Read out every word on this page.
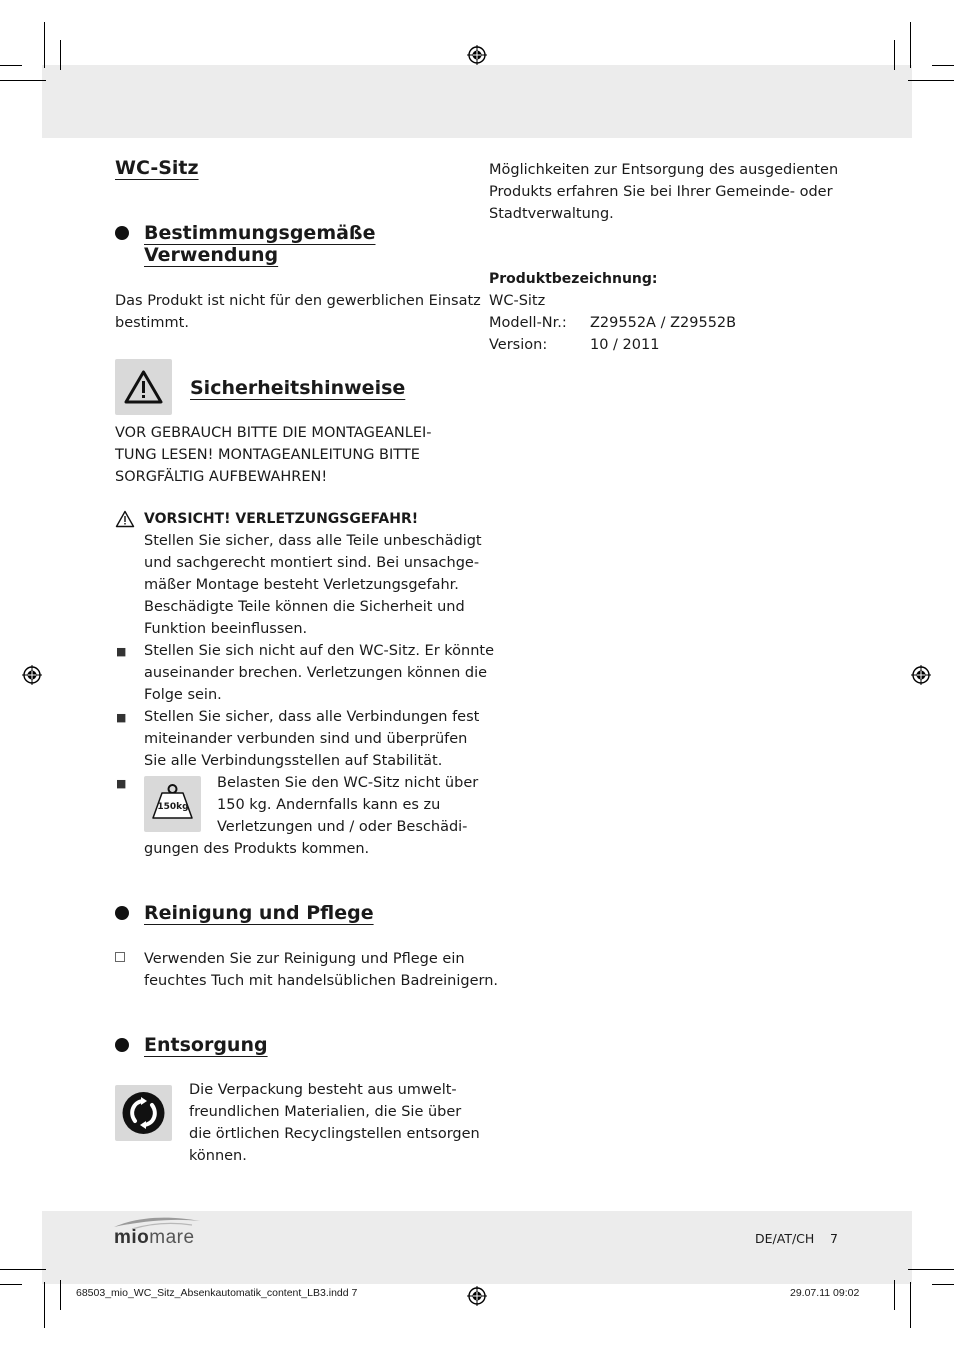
WC-Sitz
Bestimmungsgemäße
Verwendung
Das Produkt ist nicht für den gewerblichen Einsatz
bestimmt.
Sicherheitshinweise
VOR GEBRAUCH BITTE DIE MONTAGEANLEI-
TUNG LESEN! MONTAGEANLEITUNG BITTE
SORGFÄLTIG AUFBEWAHREN!
VORSICHT! VERLETZUNGSGEFAHR!
Stellen Sie sicher, dass alle Teile unbeschädigt
und sachgerecht montiert sind. Bei unsachge-
mäßer Montage besteht Verletzungsgefahr.
Beschädigte Teile können die Sicherheit und
Funktion beeinflussen.
■ Stellen Sie sich nicht auf den WC-Sitz. Er könnte
auseinander brechen. Verletzungen können die
Folge sein.
■ Stellen Sie sicher, dass alle Verbindungen fest
miteinander verbunden sind und überprüfen
Sie alle Verbindungsstellen auf Stabilität.
■
150kg
Belasten Sie den WC-Sitz nicht über
150 kg. Andernfalls kann es zu
Verletzungen und / oder Beschädi-
gungen des Produkts kommen.
Reinigung und Pflege
Verwenden Sie zur Reinigung und Pflege ein
feuchtes Tuch mit handelsüblichen Badreinigern.
Entsorgung
Die Verpackung besteht aus umwelt-
freundlichen Materialien, die Sie über
die örtlichen Recyclingstellen entsorgen
können.
Möglichkeiten zur Entsorgung des ausgedienten
Produkts erfahren Sie bei Ihrer Gemeinde- oder
Stadtverwaltung.
Produktbezeichnung:
WC-Sitz
Modell-Nr.: Z29552A / Z29552B
Version:	10 / 2011
miomare	DE/AT/CH 7
68503_mio_WC_Sitz_Absenkautomatik_content_LB3.indd 7	29.07.11 09:02
